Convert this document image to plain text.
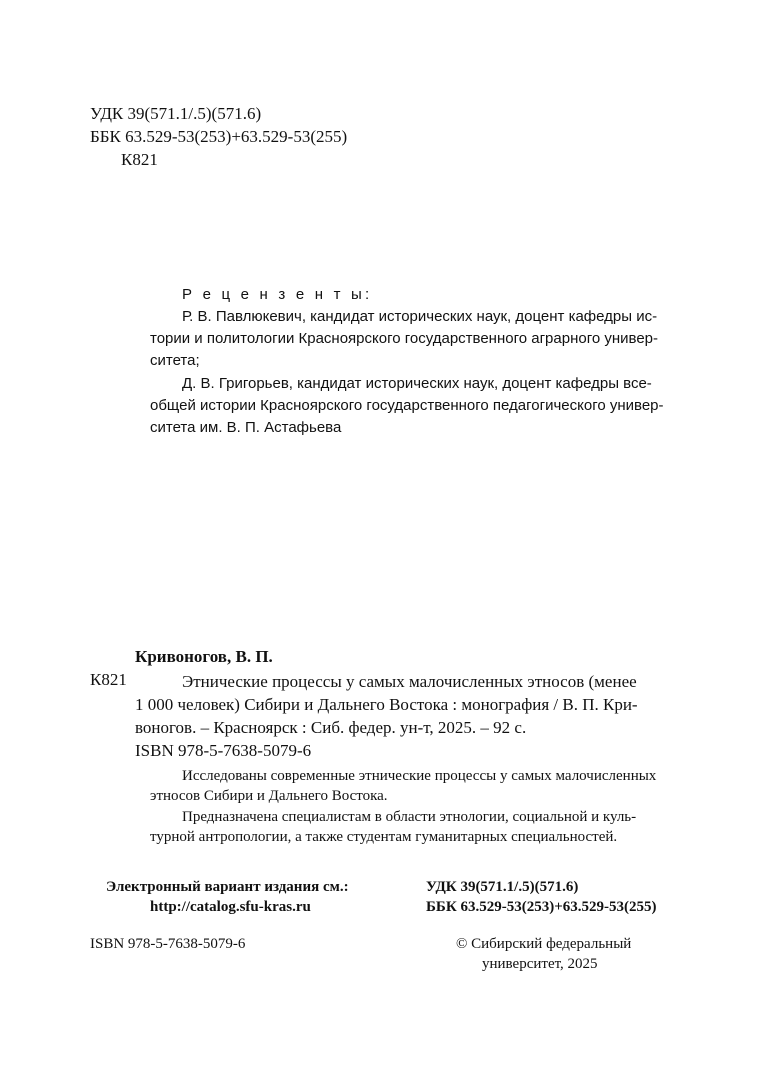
УДК 39(571.1/.5)(571.6)
ББК 63.529-53(253)+63.529-53(255)
К821
Р е ц е н з е н т ы:
Р. В. Павлюкевич, кандидат исторических наук, доцент кафедры ис-
тории и политологии Красноярского государственного аграрного универ-
ситета;
Д. В. Григорьев, кандидат исторических наук, доцент кафедры все-
общей истории Красноярского государственного педагогического универ-
ситета им. В. П. Астафьева
Кривоногов, В. П.
К821	Этнические процессы у самых малочисленных этносов (менее
1 000 человек) Сибири и Дальнего Востока : монография / В. П. Кри-
воногов. – Красноярск : Сиб. федер. ун-т, 2025. – 92 с.
ISBN 978-5-7638-5079-6
Исследованы современные этнические процессы у самых малочисленных
этносов Сибири и Дальнего Востока.
Предназначена специалистам в области этнологии, социальной и куль-
турной антропологии, а также студентам гуманитарных специальностей.
Электронный вариант издания см.:
http://catalog.sfu-kras.ru
УДК 39(571.1/.5)(571.6)
ББК 63.529-53(253)+63.529-53(255)
ISBN 978-5-7638-5079-6	© Сибирский федеральный
университет, 2025
